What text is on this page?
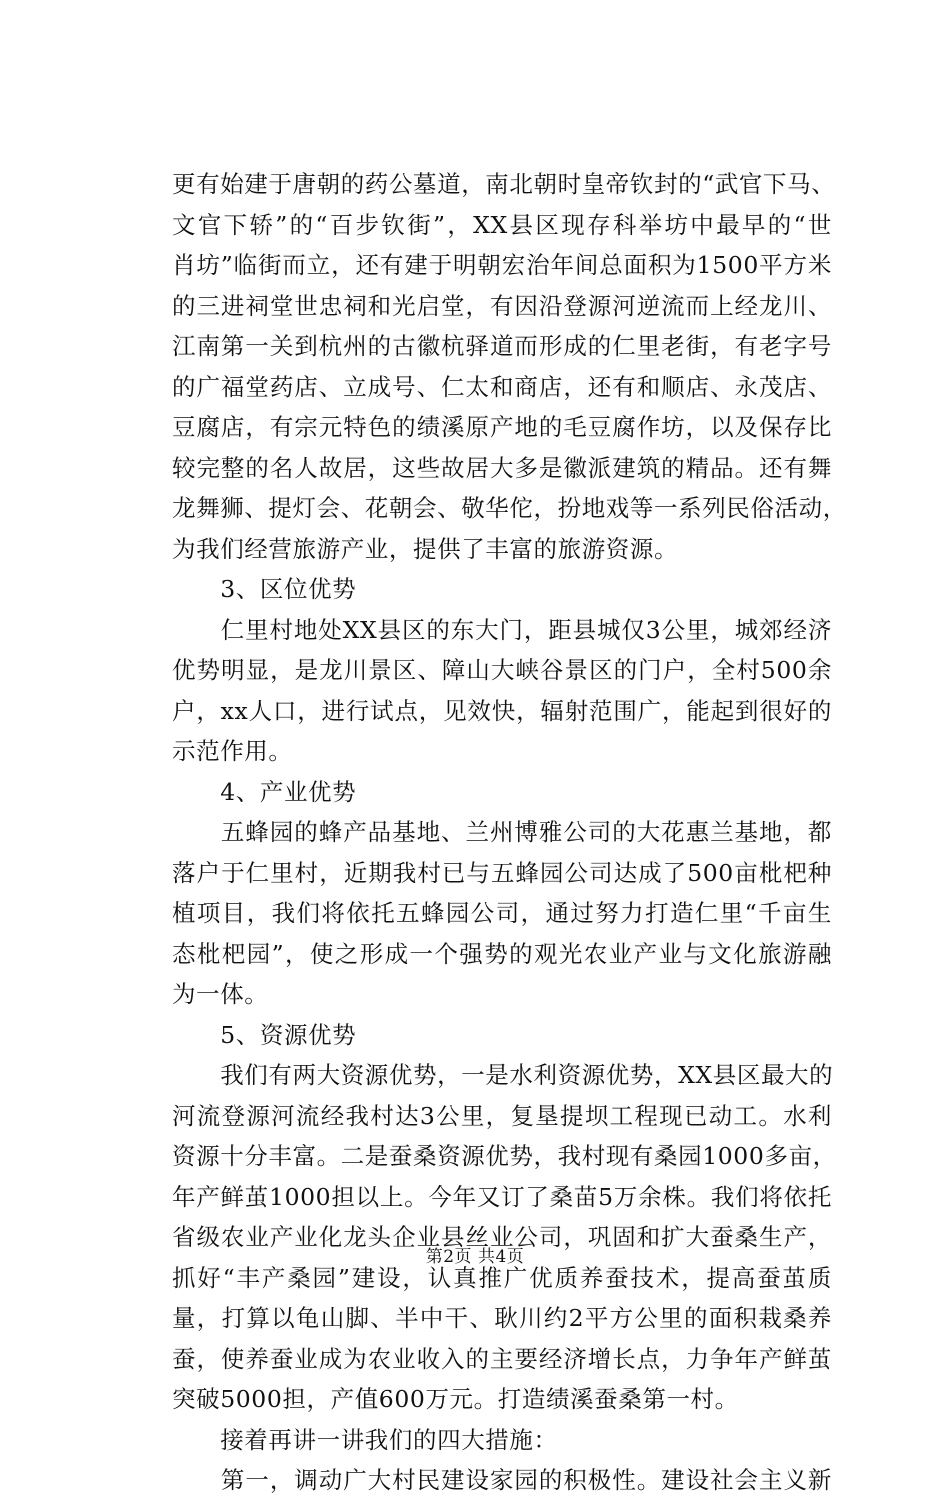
更有始建于唐朝的药公墓道，南北朝时皇帝钦封的“武官下马、
文官下轿”的“百步钦街”，XX县区现存科举坊中最早的“世
肖坊”临街而立，还有建于明朝宏治年间总面积为1500平方米
的三进祠堂世忠祠和光启堂，有因沿登源河逆流而上经龙川、
江南第一关到杭州的古徽杭驿道而形成的仁里老街，有老字号
的广福堂药店、立成号、仁太和商店，还有和顺店、永茂店、
豆腐店，有宗元特色的绩溪原产地的毛豆腐作坊，以及保存比
较完整的名人故居，这些故居大多是徽派建筑的精品。还有舞
龙舞狮、提灯会、花朝会、敬华佗，扮地戏等一系列民俗活动，
为我们经营旅游产业，提供了丰富的旅游资源。
　　3、区位优势
　　仁里村地处XX县区的东大门，距县城仅3公里，城郊经济
优势明显，是龙川景区、障山大峡谷景区的门户，全村500余
户，xx人口，进行试点，见效快，辐射范围广，能起到很好的
示范作用。
　　4、产业优势
　　五蜂园的蜂产品基地、兰州博雅公司的大花惠兰基地，都
落户于仁里村，近期我村已与五蜂园公司达成了500亩枇杷种
植项目，我们将依托五蜂园公司，通过努力打造仁里“千亩生
态枇杷园”，使之形成一个强势的观光农业产业与文化旅游融
为一体。
　　5、资源优势
　　我们有两大资源优势，一是水利资源优势，XX县区最大的
河流登源河流经我村达3公里，复垦提坝工程现已动工。水利
资源十分丰富。二是蚕桑资源优势，我村现有桑园1000多亩，
年产鲜茧1000担以上。今年又订了桑苗5万余株。我们将依托
省级农业产业化龙头企业县丝业公司，巩固和扩大蚕桑生产，
抓好“丰产桑园”建设，认真推广优质养蚕技术，提高蚕茧质
量，打算以龟山脚、半中干、耿川约2平方公里的面积栽桑养
蚕，使养蚕业成为农业收入的主要经济增长点，力争年产鲜茧
突破5000担，产值600万元。打造绩溪蚕桑第一村。
　　接着再讲一讲我们的四大措施：
　　第一，调动广大村民建设家园的积极性。建设社会主义新
第2页 共4页
